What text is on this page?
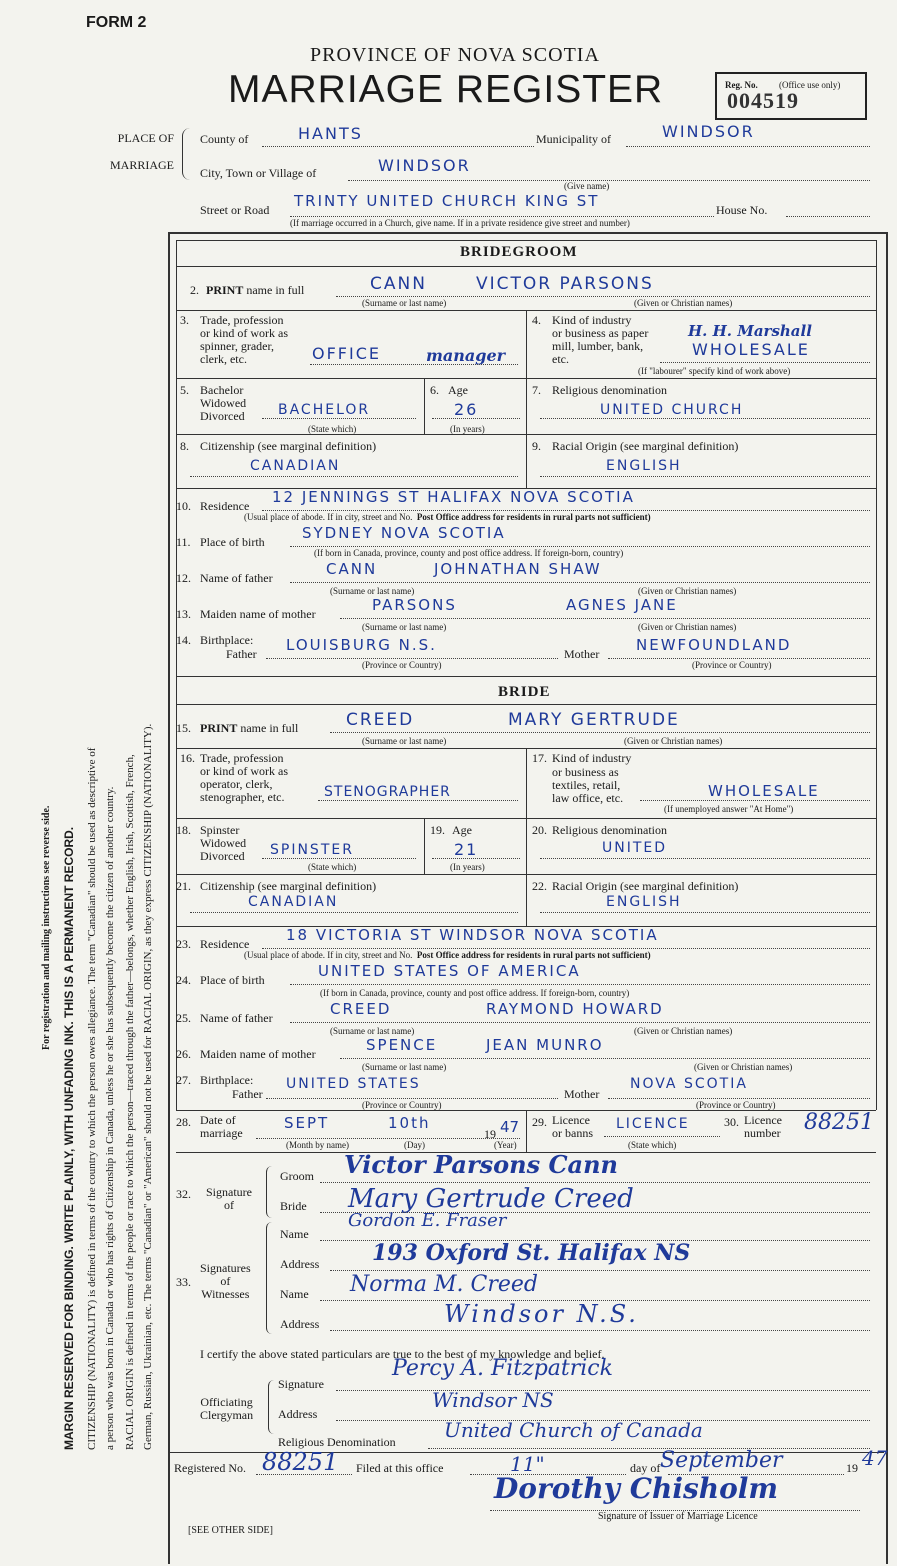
FORM 2
PROVINCE OF NOVA SCOTIA
MARRIAGE REGISTER	Reg. No. (Office use only)
004519
PLACE OF
MARRIAGE
County of	HANTS	Municipality of	WINDSOR
City, Town or Village of	WINDSOR
(Give name)
Street or Road TRINTY UNITED CHURCH KING ST	House No.
(If marriage occurred in a Church, give name. If in a private residence give street and number)
For registration and mailing instructions see reverse side. MARGIN RESERVED FOR BINDING. WRITE PLAINLY, WITH UNFADING INK. THIS IS A PERMANENT RECORD. CITIZENSHIP (NATIONALITY) is defined in terms of the country to which the person owes allegiance. The term "Canadian" should be used as descriptive of a person who was born in Canada or who has rights of Citizenship in Canada, unless he or she has subsequently become the citizen of another country. RACIAL ORIGIN is defined in terms of the people or race to which the person—traced through the father—belongs, whether English, Irish, Scottish, French, German, Russian, Ukrainian, etc. The terms "Canadian" or "American" should not be used for RACIAL ORIGIN, as they express CITIZENSHIP (NATIONALITY).
BRIDEGROOM
2. PRINT name in full	CANN	VICTOR PARSONS
(Surname or last name)	(Given or Christian names)
3. Trade, profession
or kind of work as
spinner, grader,
clerk, etc.	OFFICE	manager
4. Kind of industry
or business as paper
mill, lumber, bank,
etc.
H. H. Marshall
WHOLESALE
(If "labourer" specify kind of work above)
5. Bachelor
Widowed
Divorced BACHELOR
(State which)
6. Age
26
(In years)
7. Religious denomination
UNITED CHURCH
8. Citizenship (see marginal definition)
CANADIAN
9. Racial Origin (see marginal definition)
ENGLISH
10. Residence 12 JENNINGS ST HALIFAX NOVA SCOTIA
(Usual place of abode. If in city, street and No. Post Office address for residents in rural parts not sufficient)
11. Place of birth SYDNEY NOVA SCOTIA
(If born in Canada, province, county and post office address. If foreign-born, country)
12. Name of father	CANN	JOHNATHAN SHAW
(Surname or last name)	(Given or Christian names)
13. Maiden name of mother	PARSONS	AGNES JANE
(Surname or last name)	(Given or Christian names)
14. Birthplace:
Father LOUISBURG N.S.	Mother NEWFOUNDLAND
(Province or Country)	(Province or Country)
BRIDE
15. PRINT name in full	CREED	MARY GERTRUDE
(Surname or last name)	(Given or Christian names)
16. Trade, profession
or kind of work as
operator, clerk,
stenographer, etc.	STENOGRAPHER
17. Kind of industry
or business as
textiles, retail,
law office, etc.	WHOLESALE
(If unemployed answer "At Home")
18. Spinster
Widowed
Divorced SPINSTER
(State which)
19. Age
21
(In years)
20. Religious denomination
UNITED
21. Citizenship (see marginal definition)
CANADIAN
22. Racial Origin (see marginal definition)
ENGLISH
23. Residence 18 VICTORIA ST WINDSOR NOVA SCOTIA
(Usual place of abode. If in city, street and No. Post Office address for residents in rural parts not sufficient)
24. Place of birth	UNITED STATES OF AMERICA
(If born in Canada, province, county and post office address. If foreign-born, country)
25. Name of father	CREED	RAYMOND HOWARD
(Surname or last name)	(Given or Christian names)
26. Maiden name of mother	SPENCE	JEAN MUNRO
(Surname or last name)	(Given or Christian names)
27. Birthplace:
Father
UNITED STATES
Mother
NOVA SCOTIA
(Province or Country)	(Province or Country)
28. Date of
marriage
SEPT	10th
19 47
(Month by name)	(Day)	(Year)
29. Licence
or banns
LICENCE
(State which)
30. Licence
number 88251
32. Signature
of
Groom Victor Parsons Cann
Bride Mary Gertrude Creed
33.
Signatures
of
Witnesses
Name
Gordon E. Fraser
Address 193 Oxford St. Halifax NS
Name Norma M. Creed
Address	Windsor N.S.
I certify the above stated particulars are true to the best of my knowledge and belief.
Officiating
Clergyman
Signature
Percy A. Fitzpatrick
Address
Windsor NS
Religious Denomination United Church of Canada
Registered No. 88251 Filed at this office	11"	day of September	19 47
Dorothy Chisholm
Signature of Issuer of Marriage Licence
[SEE OTHER SIDE]
